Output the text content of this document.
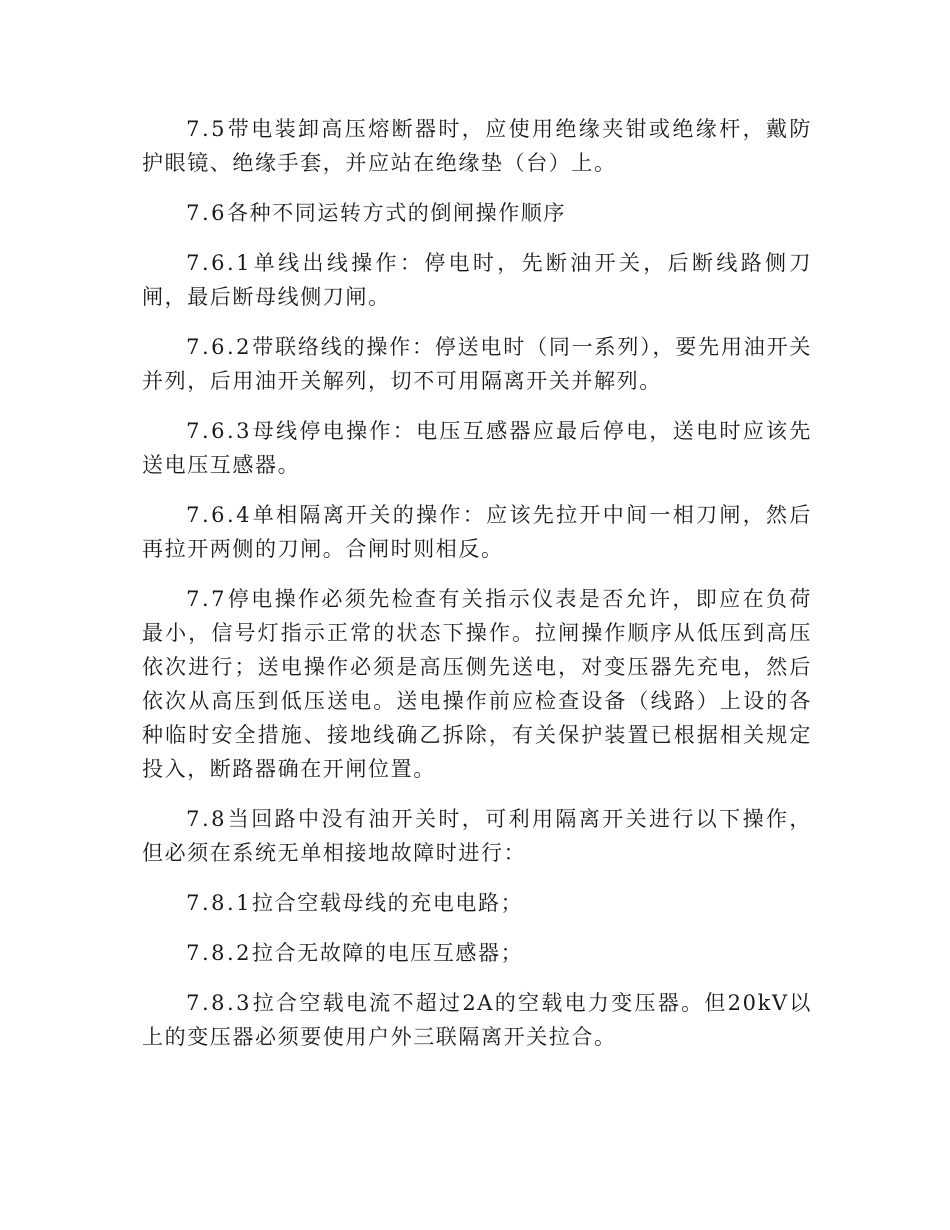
7.5带电装卸高压熔断器时，应使用绝缘夹钳或绝缘杆，戴防护眼镜、绝缘手套，并应站在绝缘垫（台）上。

7.6各种不同运转方式的倒闸操作顺序

7.6.1单线出线操作：停电时，先断油开关，后断线路侧刀闸，最后断母线侧刀闸。

7.6.2带联络线的操作：停送电时（同一系列），要先用油开关并列，后用油开关解列，切不可用隔离开关并解列。

7.6.3母线停电操作：电压互感器应最后停电，送电时应该先送电压互感器。

7.6.4单相隔离开关的操作：应该先拉开中间一相刀闸，然后再拉开两侧的刀闸。合闸时则相反。

7.7停电操作必须先检查有关指示仪表是否允许，即应在负荷最小，信号灯指示正常的状态下操作。拉闸操作顺序从低压到高压依次进行；送电操作必须是高压侧先送电，对变压器先充电，然后依次从高压到低压送电。送电操作前应检查设备（线路）上设的各种临时安全措施、接地线确乙拆除，有关保护装置已根据相关规定投入，断路器确在开闸位置。

7.8当回路中没有油开关时，可利用隔离开关进行以下操作，但必须在系统无单相接地故障时进行：

7.8.1拉合空载母线的充电电路；

7.8.2拉合无故障的电压互感器；

7.8.3拉合空载电流不超过2A的空载电力变压器。但20kV以上的变压器必须要使用户外三联隔离开关拉合。
